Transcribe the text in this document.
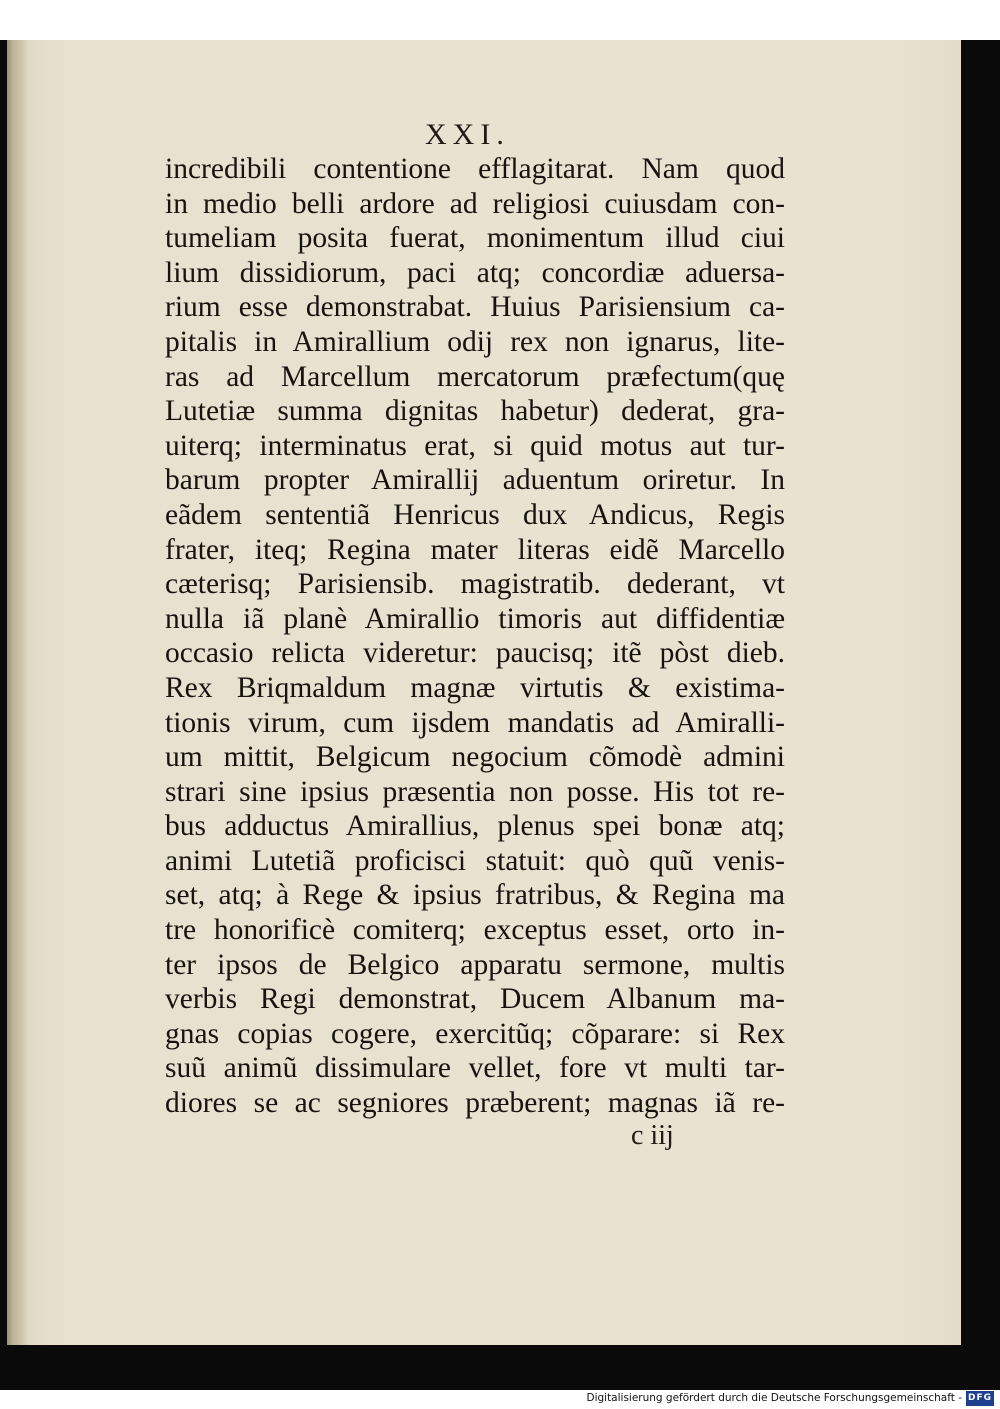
XXI.
incredibili contentione efflagitarat. Nam quod
in medio belli ardore ad religiosi cuiusdam con-
tumeliam posita fuerat, monimentum illud ciui
lium dissidiorum, paci atq; concordiæ aduersa-
rium esse demonstrabat. Huius Parisiensium ca-
pitalis in Amirallium odij rex non ignarus, lite-
ras ad Marcellum mercatorum præfectum(quę
Lutetiæ summa dignitas habetur) dederat, gra-
uiterq; interminatus erat, si quid motus aut tur-
barum propter Amiralliј aduentum oriretur. In
eãdem sententiã Henricus dux Andicus, Regis
frater, iteq; Regina mater literas eidẽ Marcello
cæterisq; Parisiensib. magistratib. dederant, vt
nulla iã planè Amirallio timoris aut diffidentiæ
occasio relicta videretur: paucisq; itẽ pòst dieb.
Rex Briqmaldum magnæ virtutis & existima-
tionis virum, cum ijsdem mandatis ad Amiralli-
um mittit, Belgicum negocium cõmodè admini
strari sine ipsius præsentia non posse. His tot re-
bus adductus Amirallius, plenus spei bonæ atq;
animi Lutetiã proficisci statuit: quò quũ venis-
set, atq; à Rege & ipsius fratribus, & Regina ma
tre honorificè comiterq; exceptus esset, orto in-
ter ipsos de Belgico apparatu sermone, multis
verbis Regi demonstrat, Ducem Albanum ma-
gnas copias cogere, exercitũq; cõparare: si Rex
suũ animũ dissimulare vellet, fore vt multi tar-
diores se ac segniores præberent; magnas iã re-
c iij
Digitalisierung gefördert durch die Deutsche Forschungsgemeinschaft - DFG
